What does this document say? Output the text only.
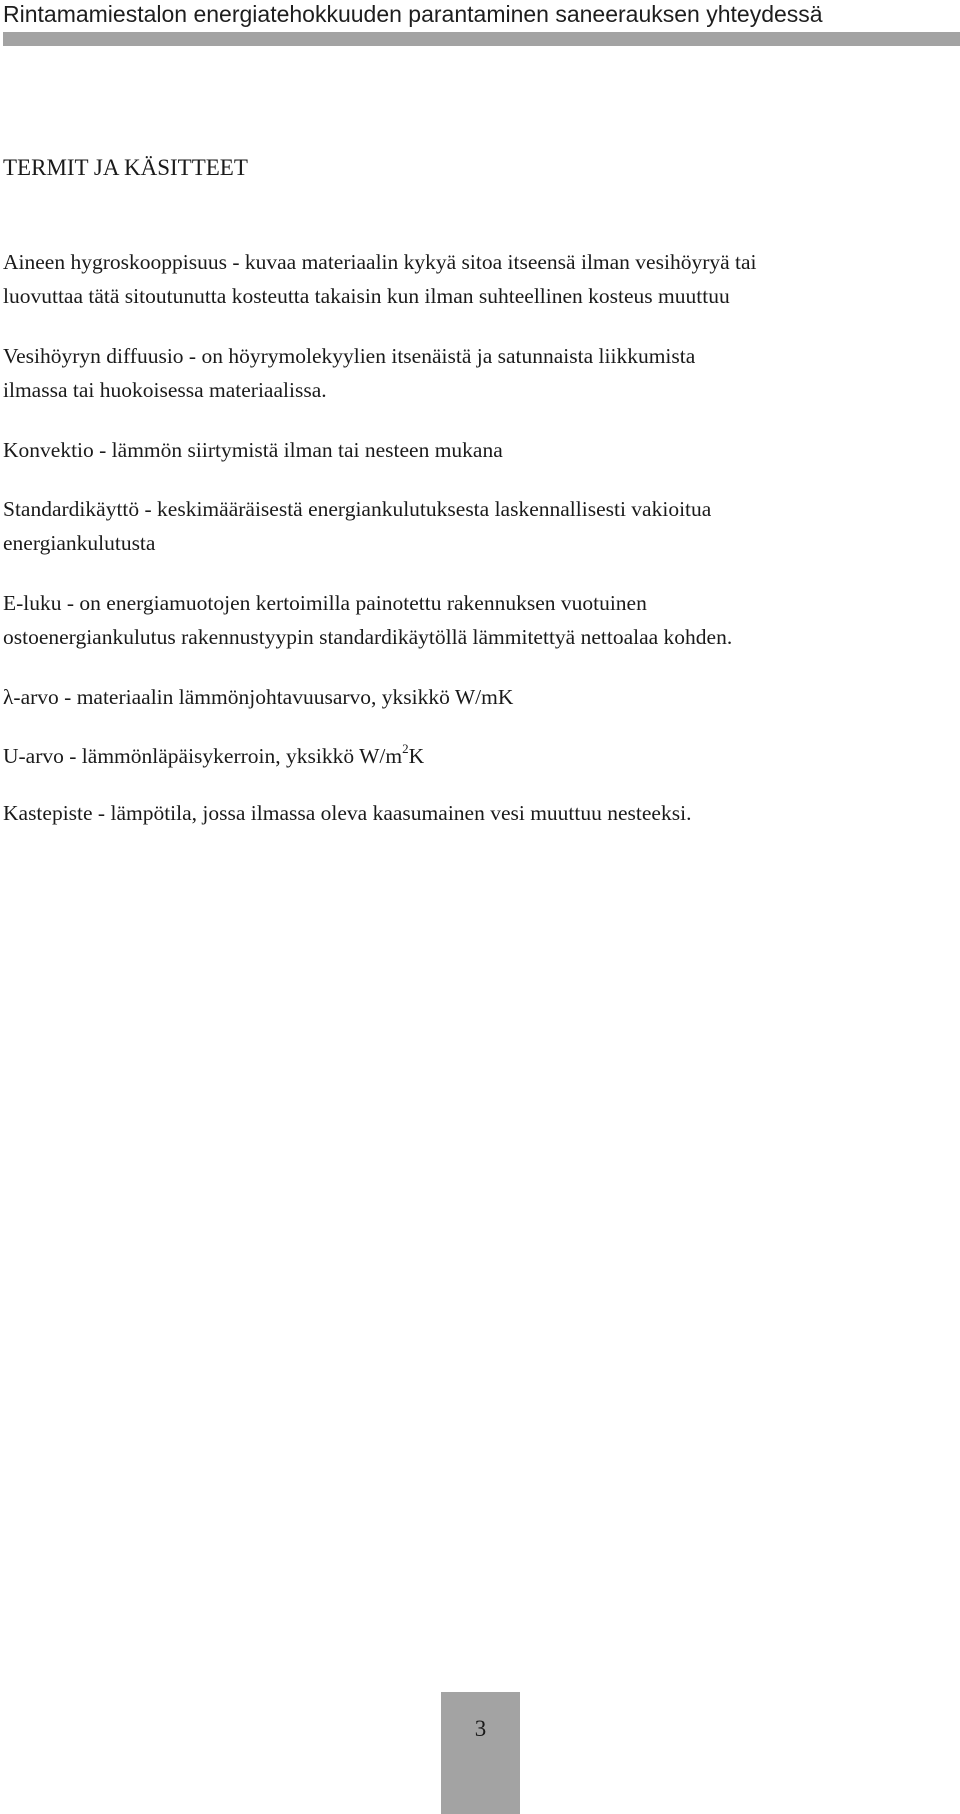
Rintamamiestalon energiatehokkuuden parantaminen saneerauksen yhteydessä
TERMIT JA KÄSITTEET
Aineen hygroskooppisuus - kuvaa materiaalin kykyä sitoa itseensä ilman vesihöyryä tai
luovuttaa tätä sitoutunutta kosteutta takaisin kun ilman suhteellinen kosteus muuttuu
Vesihöyryn diffuusio - on höyrymolekyylien itsenäistä ja satunnaista liikkumista
ilmassa tai huokoisessa materiaalissa.
Konvektio - lämmön siirtymistä ilman tai nesteen mukana
Standardikäyttö - keskimääräisestä energiankulutuksesta laskennallisesti vakioitua
energiankulutusta
E-luku - on energiamuotojen kertoimilla painotettu rakennuksen vuotuinen
ostoenergiankulutus rakennustyypin standardikäytöllä lämmitettyä nettoalaa kohden.
λ-arvo - materiaalin lämmönjohtavuusarvo, yksikkö W/mK
U-arvo - lämmönläpäisykerroin, yksikkö $W/m^2K$
Kastepiste - lämpötila, jossa ilmassa oleva kaasumainen vesi muuttuu nesteeksi.
3
